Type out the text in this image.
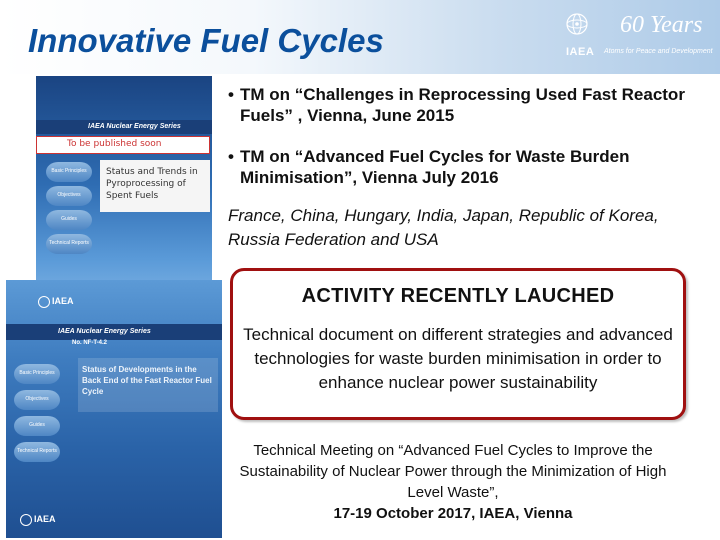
Innovative Fuel Cycles	IAEA
60 Years
Atoms for Peace and Development
IAEA Nuclear Energy Series
To be published soon
Basic Principles
Objectives
Guides
Technical Reports
Status and Trends in Pyroprocessing of Spent Fuels
IAEA
IAEA Nuclear Energy Series
No. NF-T-4.2
Basic Principles
Objectives
Guides
Technical Reports
Status of Developments in the Back End of the Fast Reactor Fuel Cycle
IAEA
• TM on “Challenges in Reprocessing Used Fast Reactor Fuels” , Vienna, June 2015
• TM on “Advanced Fuel Cycles for Waste Burden Minimisation”, Vienna July 2016
France, China, Hungary, India, Japan, Republic of Korea, Russia Federation and USA
ACTIVITY RECENTLY LAUCHED
Technical document on different strategies and advanced technologies for waste burden minimisation in order to enhance nuclear power sustainability
Technical Meeting on “Advanced Fuel Cycles to Improve the Sustainability of Nuclear Power through the Minimization of High Level Waste”,
17-19 October 2017, IAEA, Vienna
